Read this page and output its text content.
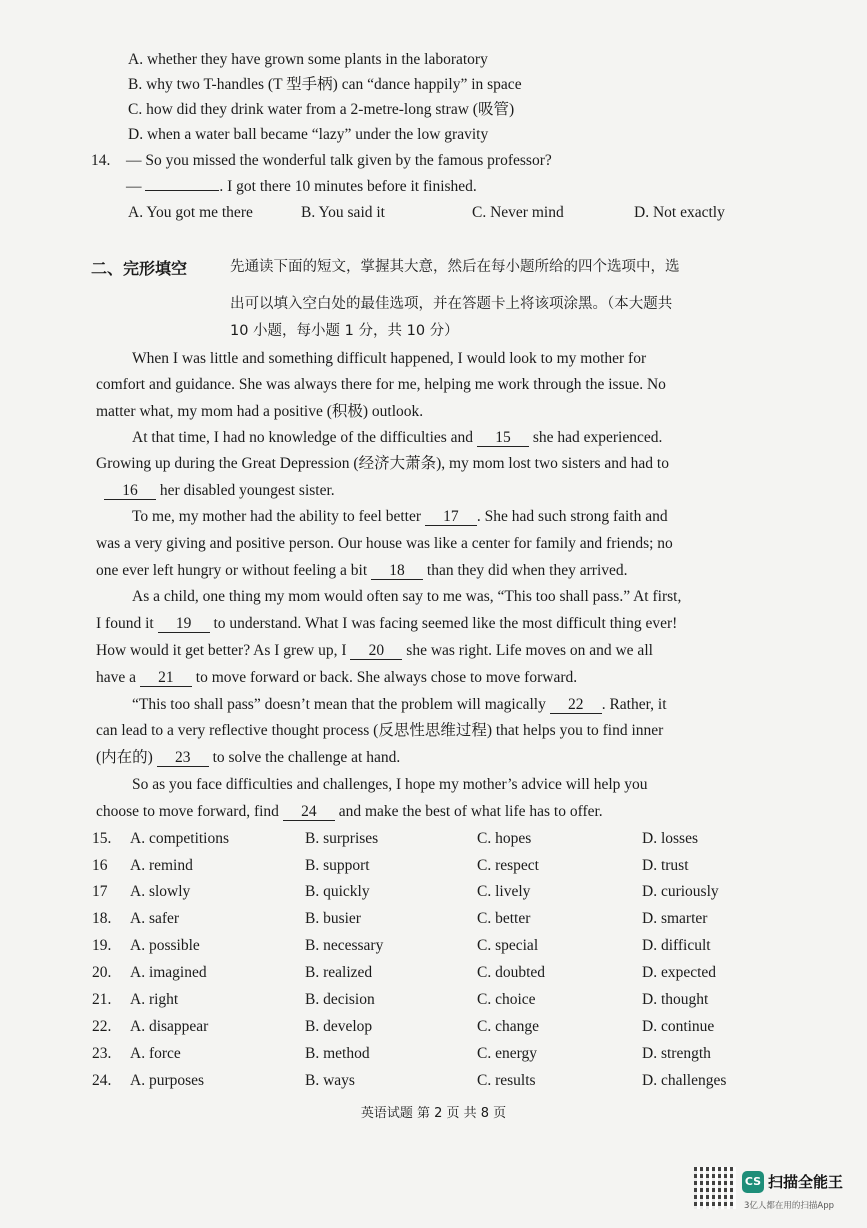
A. whether they have grown some plants in the laboratory
B. why two T-handles (T 型手柄) can “dance happily” in space
C. how did they drink water from a 2-metre-long straw (吸管)
D. when a water ball became “lazy” under the low gravity
14. — So you missed the wonderful talk given by the famous professor?
—	. I got there 10 minutes before it finished.
A. You got me there	B. You said it	C. Never mind	D. Not exactly
二、完形填空	先通读下面的短文，掌握其大意，然后在每小题所给的四个选项中，选
出可以填入空白处的最佳选项，并在答题卡上将该项涂黑。（本大题共
10 小题，每小题 1 分，共 10 分）
When I was little and something difficult happened, I would look to my mother for
comfort and guidance. She was always there for me, helping me work through the issue. No
matter what, my mom had a positive (积极) outlook.
At that time, I had no knowledge of the difficulties and 15 she had experienced.
Growing up during the Great Depression (经济大萧条), my mom lost two sisters and had to
16 her disabled youngest sister.
To me, my mother had the ability to feel better 17 . She had such strong faith and
was a very giving and positive person. Our house was like a center for family and friends; no
one ever left hungry or without feeling a bit 18 than they did when they arrived.
As a child, one thing my mom would often say to me was, “This too shall pass.” At first,
I found it 19 to understand. What I was facing seemed like the most difficult thing ever!
How would it get better? As I grew up, I 20 she was right. Life moves on and we all
have a 21 to move forward or back. She always chose to move forward.
“This too shall pass” doesn’t mean that the problem will magically 22 . Rather, it
can lead to a very reflective thought process (反思性思维过程) that helps you to find inner
(内在的) 23 to solve the challenge at hand.
So as you face difficulties and challenges, I hope my mother’s advice will help you
choose to move forward, find 24 and make the best of what life has to offer.
15. A. competitions	B. surprises	C. hopes	D. losses
16 A. remind	B. support	C. respect	D. trust
17 A. slowly	B. quickly	C. lively	D. curiously
18. A. safer	B. busier	C. better	D. smarter
19. A. possible	B. necessary	C. special	D. difficult
20. A. imagined	B. realized	C. doubted	D. expected
21. A. right	B. decision	C. choice	D. thought
22. A. disappear	B. develop	C. change	D. continue
23. A. force	B. method	C. energy	D. strength
24. A. purposes	B. ways	C. results	D. challenges
英语试题 第 2 页 共 8 页
CS 扫描全能王
3亿人都在用的扫描App
